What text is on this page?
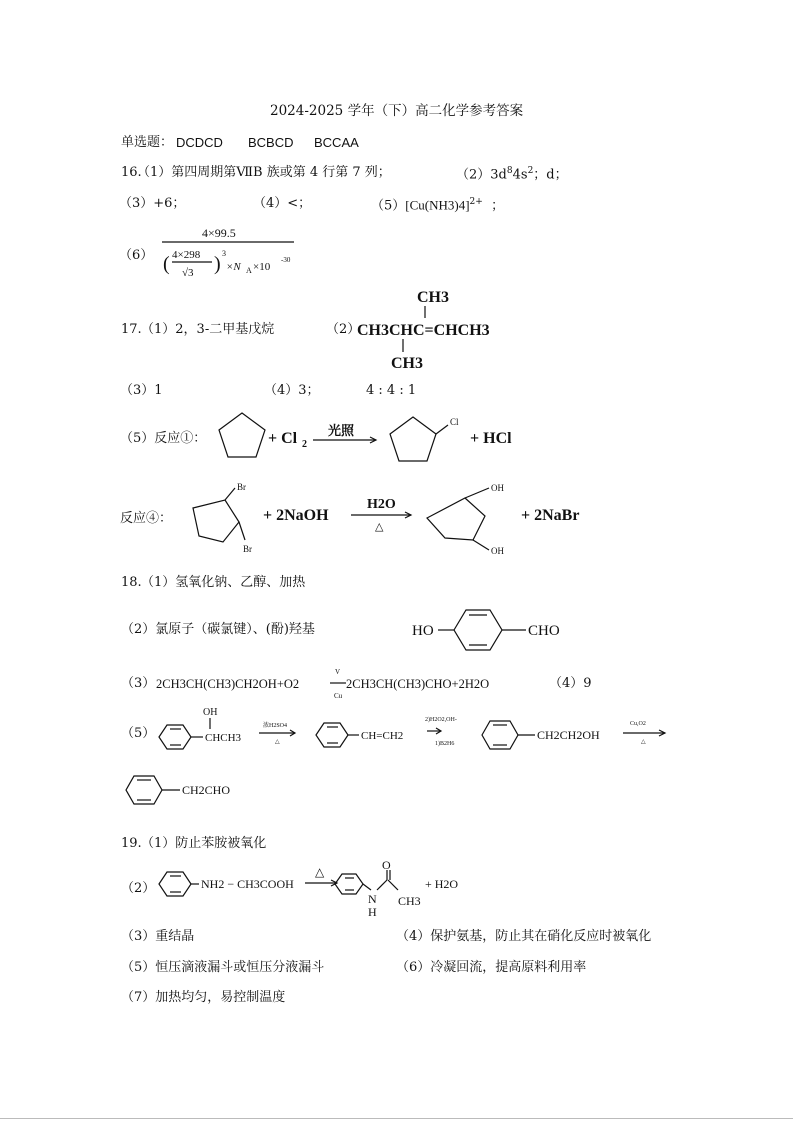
2024-2025 学年（下）高二化学参考答案
单选题： DCDCD BCBCD BCCAA
16.
（1）第四周期第ⅦB 族或第 4 行第 7 列；	$(2)3d^84s^2$；d；
（3）+6；	（4）<；	$(5)[Cu(NH3)4]^{2+}$ ；
（6）
4×99.5
( 4×298
√3 ) 3
×N A ×10
-30
17. （1）2，3-二甲基戊烷	（2）
CH3
CH3CHC=CHCH3
CH3
（3）1	（4）3；	4 : 4 : 1
（5）反应①：	+ Cl 2
光照
Cl
+ HCl
反应④：
Br
Br
+ 2NaOH
H2O
△
OH
OH
+ 2NaBr
18. （1）氢氧化钠、乙醇、加热
（2）氯原子（碳氯键）、(酚)羟基	HO	CHO
（3） 2CH3CH(CH3)CH2OH+O2
V
Cu
2CH3CH(CH3)CHO+2H2O	（4）9
（5）
OH
CHCH3
浓H2SO4
△	CH=CH2
2)H2O2,OH-
1)B2H6
CH2CH2OH
Cu,O2
△
CH2CHO
19. （1）防止苯胺被氧化
（2）	NH2 − CH3COOH
△
N
H
O
CH3
+ H2O
（3）重结晶	（4）保护氨基，防止其在硝化反应时被氧化
（5）恒压滴液漏斗或恒压分液漏斗	（6）冷凝回流，提高原料利用率
（7）加热均匀，易控制温度
